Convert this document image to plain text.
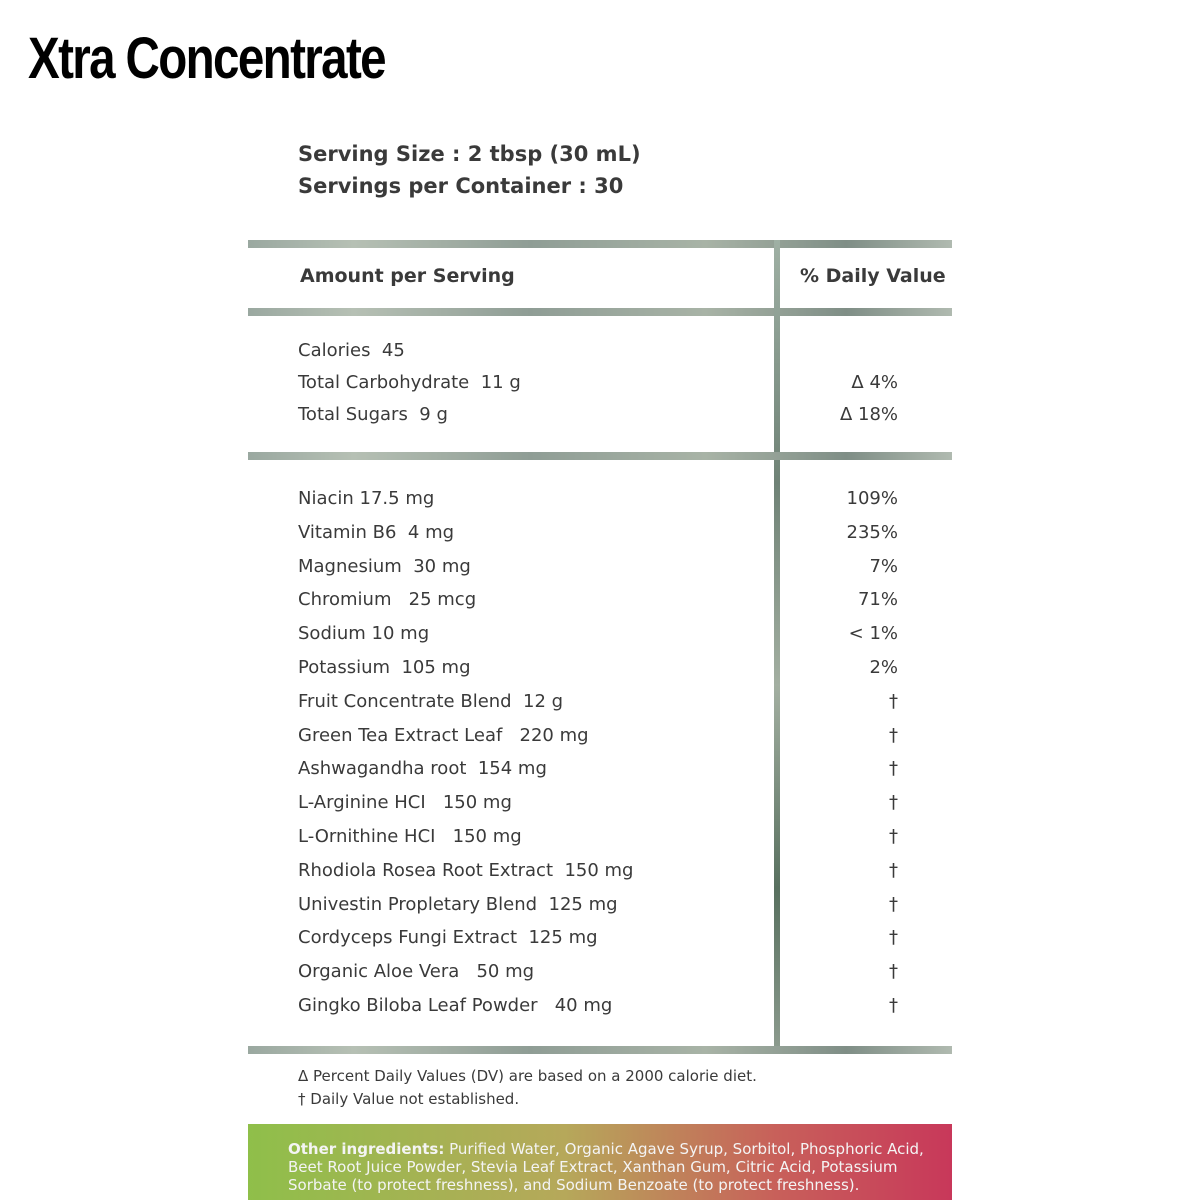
Xtra Concentrate
Serving Size : 2 tbsp (30 mL)
Servings per Container : 30
Amount per Serving	% Daily Value
Calories  45
Total Carbohydrate  11 g	Δ 4%
Total Sugars  9 g	Δ 18%
Niacin 17.5 mg	109%
Vitamin B6  4 mg	235%
Magnesium  30 mg	7%
Chromium   25 mcg	71%
Sodium 10 mg	< 1%
Potassium  105 mg	2%
Fruit Concentrate Blend  12 g	†
Green Tea Extract Leaf   220 mg	†
Ashwagandha root  154 mg	†
L-Arginine HCI   150 mg	†
L-Ornithine HCI   150 mg	†
Rhodiola Rosea Root Extract  150 mg	†
Univestin Propletary Blend  125 mg	†
Cordyceps Fungi Extract  125 mg	†
Organic Aloe Vera   50 mg	†
Gingko Biloba Leaf Powder   40 mg	†
Δ Percent Daily Values (DV) are based on a 2000 calorie diet.
† Daily Value not established.
Other ingredients: Purified Water, Organic Agave Syrup, Sorbitol, Phosphoric Acid, Beet Root Juice Powder, Stevia Leaf Extract, Xanthan Gum, Citric Acid, Potassium Sorbate (to protect freshness), and Sodium Benzoate (to protect freshness).
